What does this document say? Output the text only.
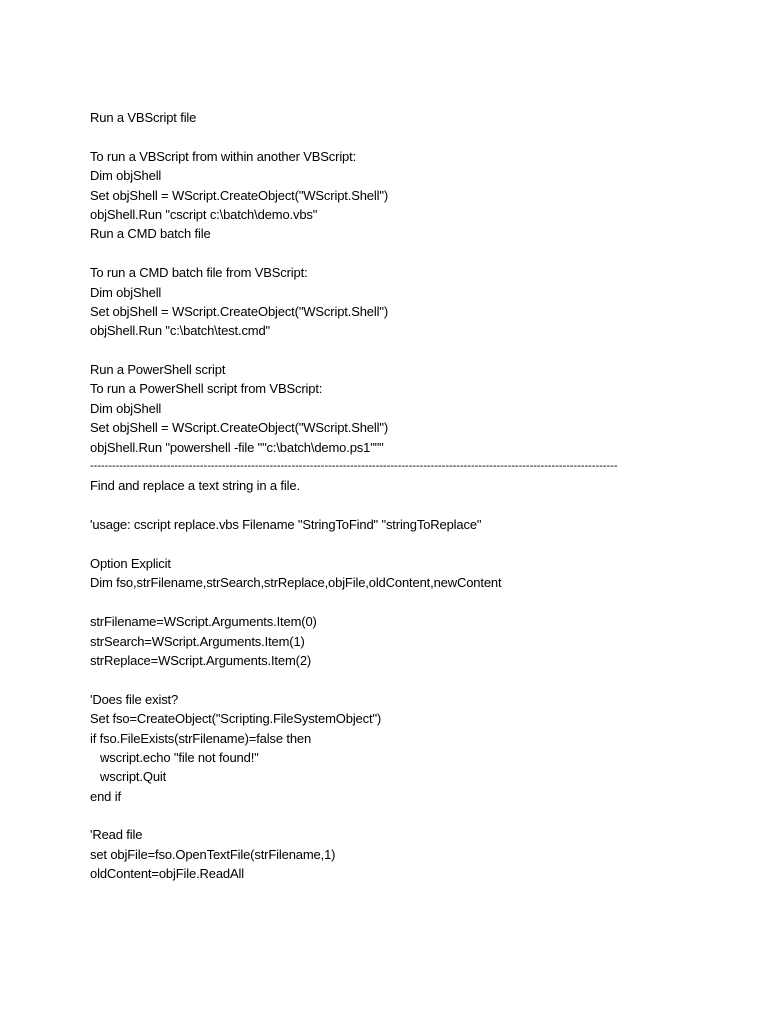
Run a VBScript file
To run a VBScript from within another VBScript:
Dim objShell
Set objShell = WScript.CreateObject("WScript.Shell")
objShell.Run "cscript c:\batch\demo.vbs"
Run a CMD batch file
To run a CMD batch file from VBScript:
Dim objShell
Set objShell = WScript.CreateObject("WScript.Shell")
objShell.Run "c:\batch\test.cmd"
Run a PowerShell script
To run a PowerShell script from VBScript:
Dim objShell
Set objShell = WScript.CreateObject("WScript.Shell")
objShell.Run "powershell -file ""c:\batch\demo.ps1"""
------------------------------------------------------------------------------------------------------------------------------------------------
Find and replace a text string in a file.
'usage: cscript replace.vbs Filename "StringToFind" "stringToReplace"
Option Explicit
Dim fso,strFilename,strSearch,strReplace,objFile,oldContent,newContent
strFilename=WScript.Arguments.Item(0)
strSearch=WScript.Arguments.Item(1)
strReplace=WScript.Arguments.Item(2)
'Does file exist?
Set fso=CreateObject("Scripting.FileSystemObject")
if fso.FileExists(strFilename)=false then
wscript.echo "file not found!"
wscript.Quit
end if
'Read file
set objFile=fso.OpenTextFile(strFilename,1)
oldContent=objFile.ReadAll
